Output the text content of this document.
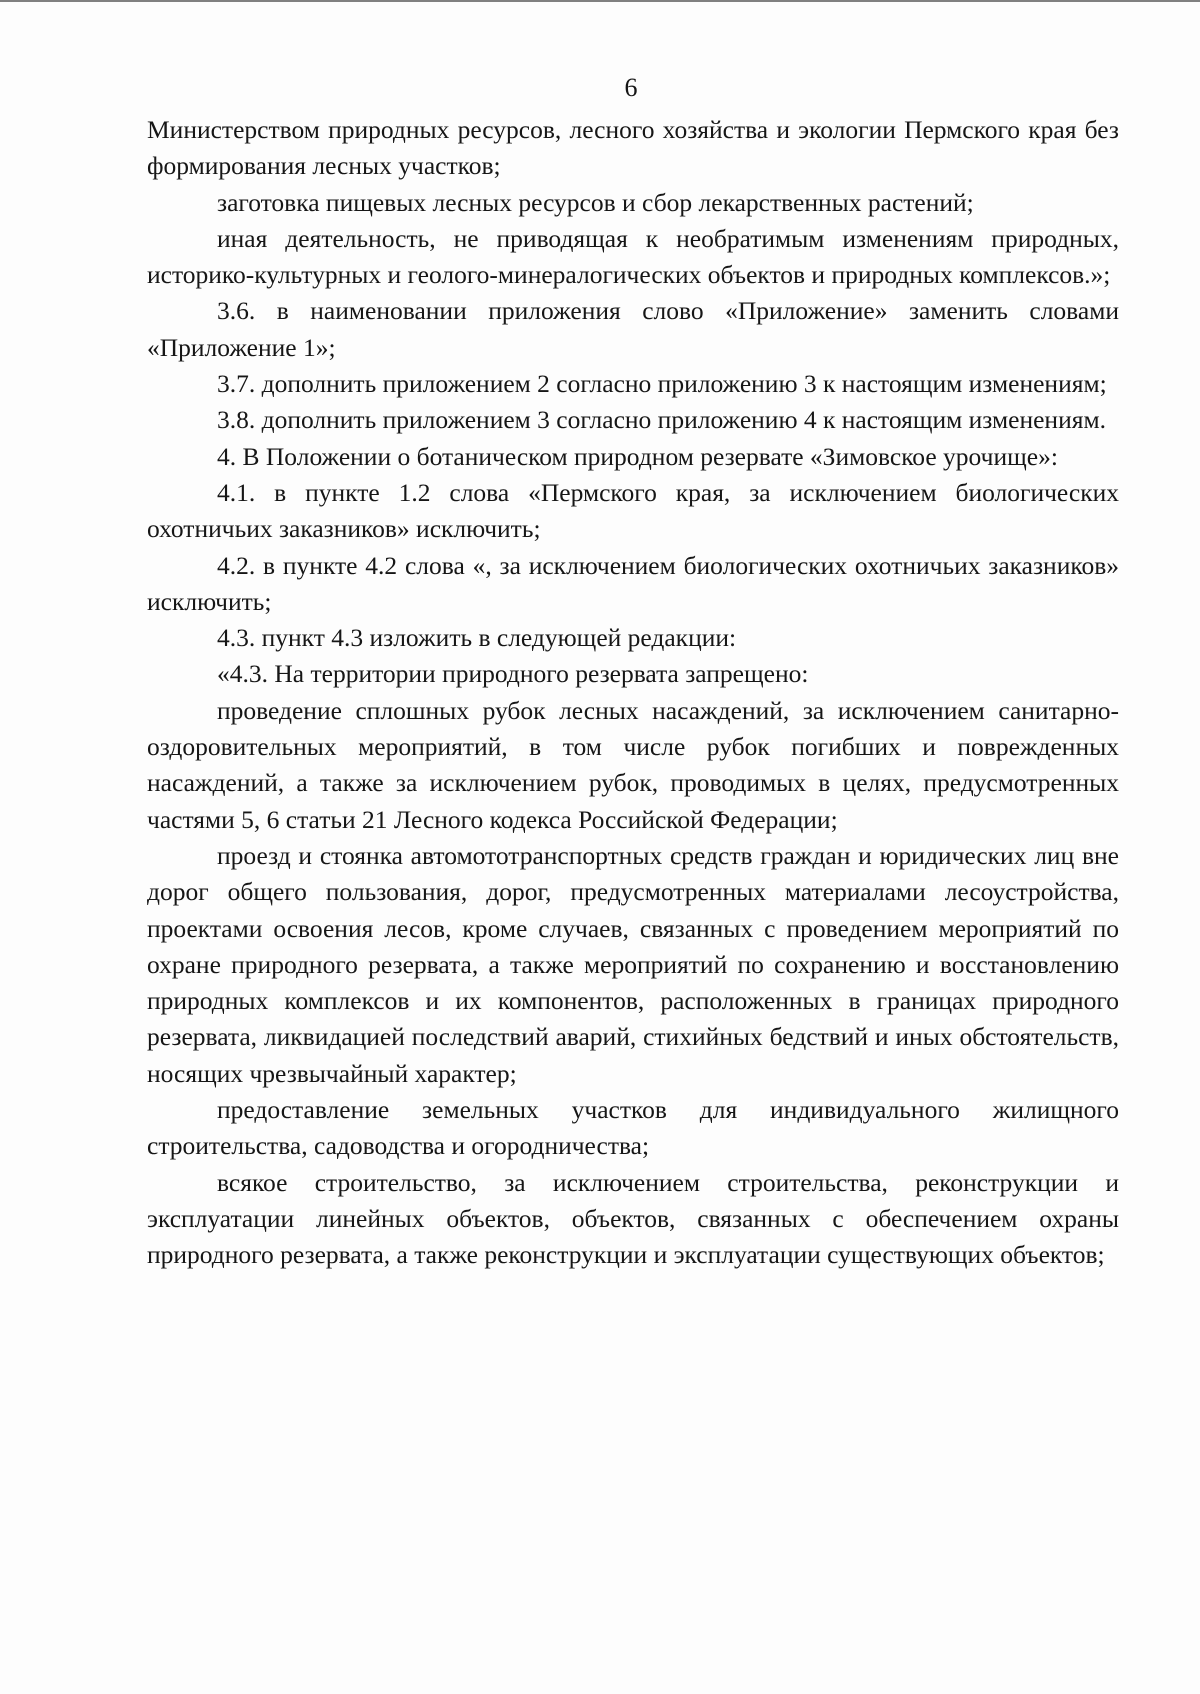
6

Министерством природных ресурсов, лесного хозяйства и экологии Пермского края без формирования лесных участков;

заготовка пищевых лесных ресурсов и сбор лекарственных растений;

иная деятельность, не приводящая к необратимым изменениям природных, историко-культурных и геолого-минералогических объектов и природных комплексов.»;

3.6. в наименовании приложения слово «Приложение» заменить словами «Приложение 1»;

3.7. дополнить приложением 2 согласно приложению 3 к настоящим изменениям;

3.8. дополнить приложением 3 согласно приложению 4 к настоящим изменениям.

4. В Положении о ботаническом природном резервате «Зимовское урочище»:

4.1. в пункте 1.2 слова «Пермского края, за исключением биологических охотничьих заказников» исключить;

4.2. в пункте 4.2 слова «, за исключением биологических охотничьих заказников» исключить;

4.3. пункт 4.3 изложить в следующей редакции:

«4.3. На территории природного резервата запрещено:

проведение сплошных рубок лесных насаждений, за исключением санитарно-оздоровительных мероприятий, в том числе рубок погибших и поврежденных насаждений, а также за исключением рубок, проводимых в целях, предусмотренных частями 5, 6 статьи 21 Лесного кодекса Российской Федерации;

проезд и стоянка автомототранспортных средств граждан и юридических лиц вне дорог общего пользования, дорог, предусмотренных материалами лесоустройства, проектами освоения лесов, кроме случаев, связанных с проведением мероприятий по охране природного резервата, а также мероприятий по сохранению и восстановлению природных комплексов и их компонентов, расположенных в границах природного резервата, ликвидацией последствий аварий, стихийных бедствий и иных обстоятельств, носящих чрезвычайный характер;

предоставление земельных участков для индивидуального жилищного строительства, садоводства и огородничества;

всякое строительство, за исключением строительства, реконструкции и эксплуатации линейных объектов, объектов, связанных с обеспечением охраны природного резервата, а также реконструкции и эксплуатации существующих объектов;
